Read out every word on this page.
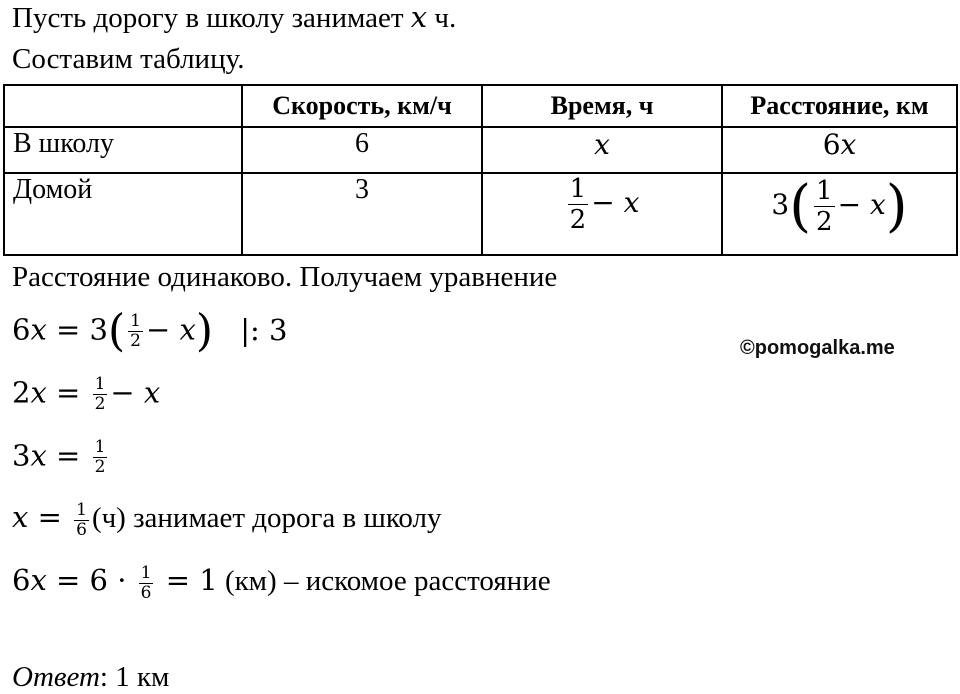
Пусть дорогу в школу занимает x ч.
Составим таблицу.
	Скорость, км/ч	Время, ч	Расстояние, км
В школу	6	x	6x
Домой	3	$\frac{1}{2} - x$	$3( \frac{1}{2} - x)$
Расстояние одинаково. Получаем уравнение
$6x = 3( \frac{1}{2} - x)$ |: 3
©pomogalka.me
$2x = \frac{1}{2} - x$
$3x = \frac{1}{2}$
$x = \frac{1}{6} (ч)$ занимает дорога в школу
$6x = 6 \cdot \frac{1}{6} = 1$ (км) – искомое расстояние
Ответ: 1 км
